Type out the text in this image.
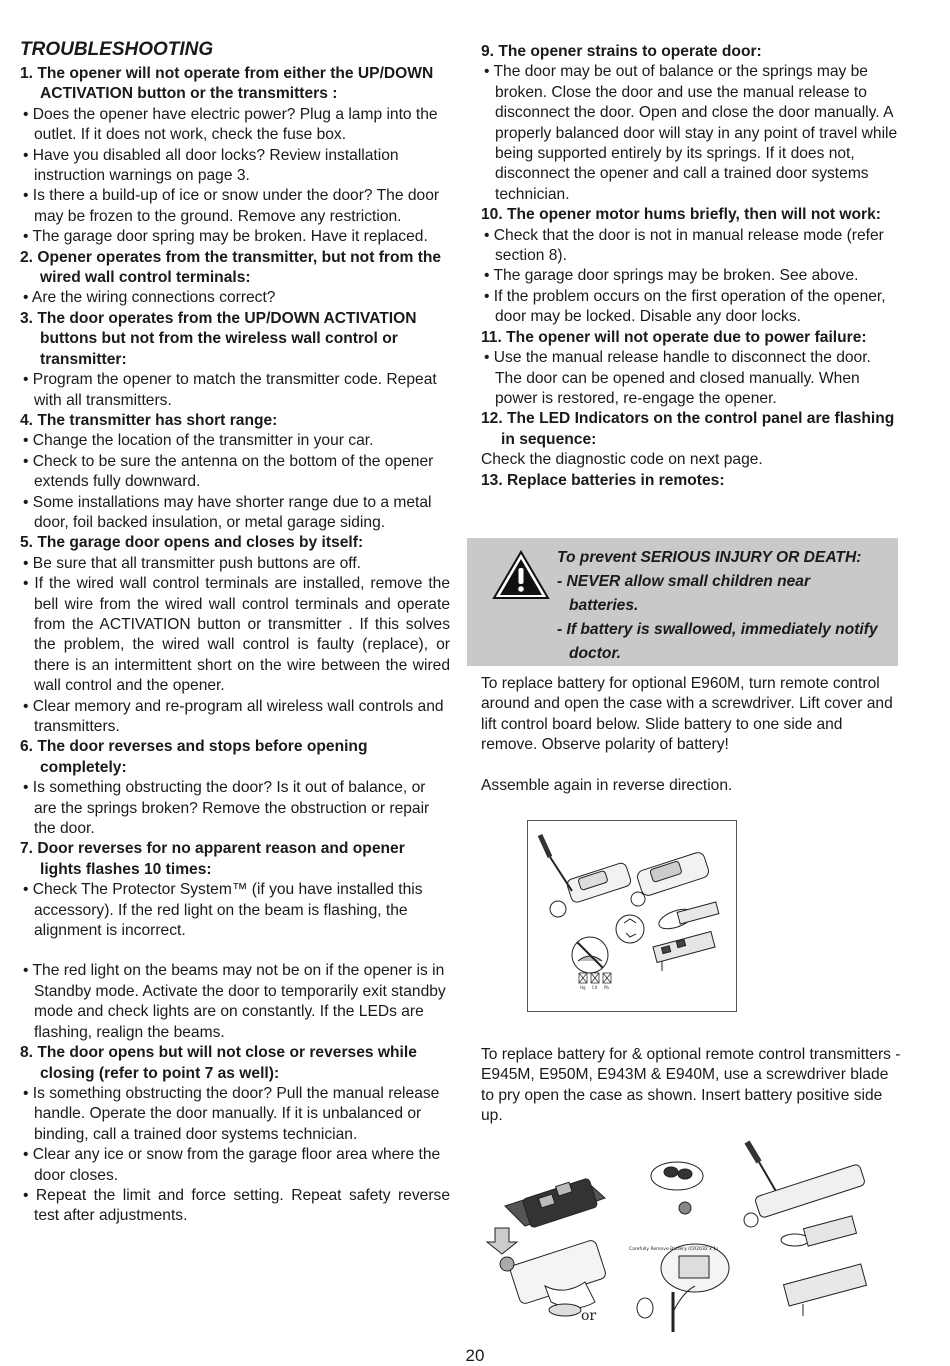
TROUBLESHOOTING

1. The opener will not operate from either the UP/DOWN ACTIVATION button or the transmitters :

• Does the opener have electric power? Plug a lamp into the outlet. If it does not work, check the fuse box.

• Have you disabled all door locks? Review installation instruction warnings on page 3.

• Is there a build-up of ice or snow under the door? The door may be frozen to the ground. Remove any restriction.

• The garage door spring may be broken. Have it replaced.

2. Opener operates from the transmitter, but not from the wired wall control terminals:

• Are the wiring connections correct?

3. The door operates from the UP/DOWN ACTIVATION buttons but not from the wireless wall control or transmitter:

• Program the opener to match the transmitter code. Repeat with all transmitters.

4. The transmitter has short range:

• Change the location of the transmitter in your car.

• Check to be sure the antenna on the bottom of the opener extends fully downward.

• Some installations may have shorter range due to a metal door, foil backed insulation, or metal garage siding.

5. The garage door opens and closes by itself:

• Be sure that all transmitter push buttons are off.

• If the wired wall control terminals are installed, remove the bell wire from the wired wall control terminals and operate from the ACTIVATION button or transmitter . If this solves the problem, the wired wall control is faulty (replace), or there is an intermittent short on the wire between the wired wall control and the opener.

• Clear memory and re-program all wireless wall controls and transmitters.

6. The door reverses and stops before opening completely:

• Is something obstructing the door? Is it out of balance, or are the springs broken? Remove the obstruction or repair the door.

7. Door reverses for no apparent reason and opener lights flashes 10 times:

• Check The Protector System™ (if you have installed this accessory). If the red light on the beam is flashing, the alignment is incorrect.

• The red light on the beams may not be on if the opener is in Standby mode. Activate the door to temporarily exit standby mode and check lights are on constantly. If the LEDs are flashing, realign the beams.

8. The door opens but will not close or reverses while closing (refer to point 7 as well):

• Is something obstructing the door? Pull the manual release handle. Operate the door manually. If it is unbalanced or binding, call a trained door systems technician.

• Clear any ice or snow from the garage floor area where the door closes.

• Repeat the limit and force setting. Repeat safety reverse test after adjustments.

9. The opener strains to operate door:

• The door may be out of balance or the springs may be broken. Close the door and use the manual release to disconnect the door. Open and close the door manually. A properly balanced door will stay in any point of travel while being supported entirely by its springs. If it does not, disconnect the opener and call a trained door systems technician.

10. The opener motor hums briefly, then will not work:

• Check that the door is not in manual release mode (refer section 8).

• The garage door springs may be broken. See above.

• If the problem occurs on the first operation of the opener, door may be locked. Disable any door locks.

11. The opener will not operate due to power failure:

• Use the manual release handle to disconnect the door. The door can be opened and closed manually. When power is restored, re-engage the opener.

12. The LED Indicators on the control panel are flashing in sequence:

Check the diagnostic code on next page.

13. Replace batteries in remotes:

To prevent SERIOUS INJURY OR DEATH:

- NEVER allow small children near batteries.

- If battery is swallowed, immediately notify doctor.

To replace battery for optional E960M, turn remote control around and open the case with a screwdriver. Lift cover and lift control board below. Slide battery to one side and remove. Observe polarity of battery!

Assemble again in reverse direction.

Hg Cd Pb

To replace battery for & optional remote control transmitters -E945M, E950M, E943M & E940M, use a screwdriver blade to pry open the case as shown. Insert battery positive side up.

Carefully Remove Battery (CR2032 x 1)
or
20
